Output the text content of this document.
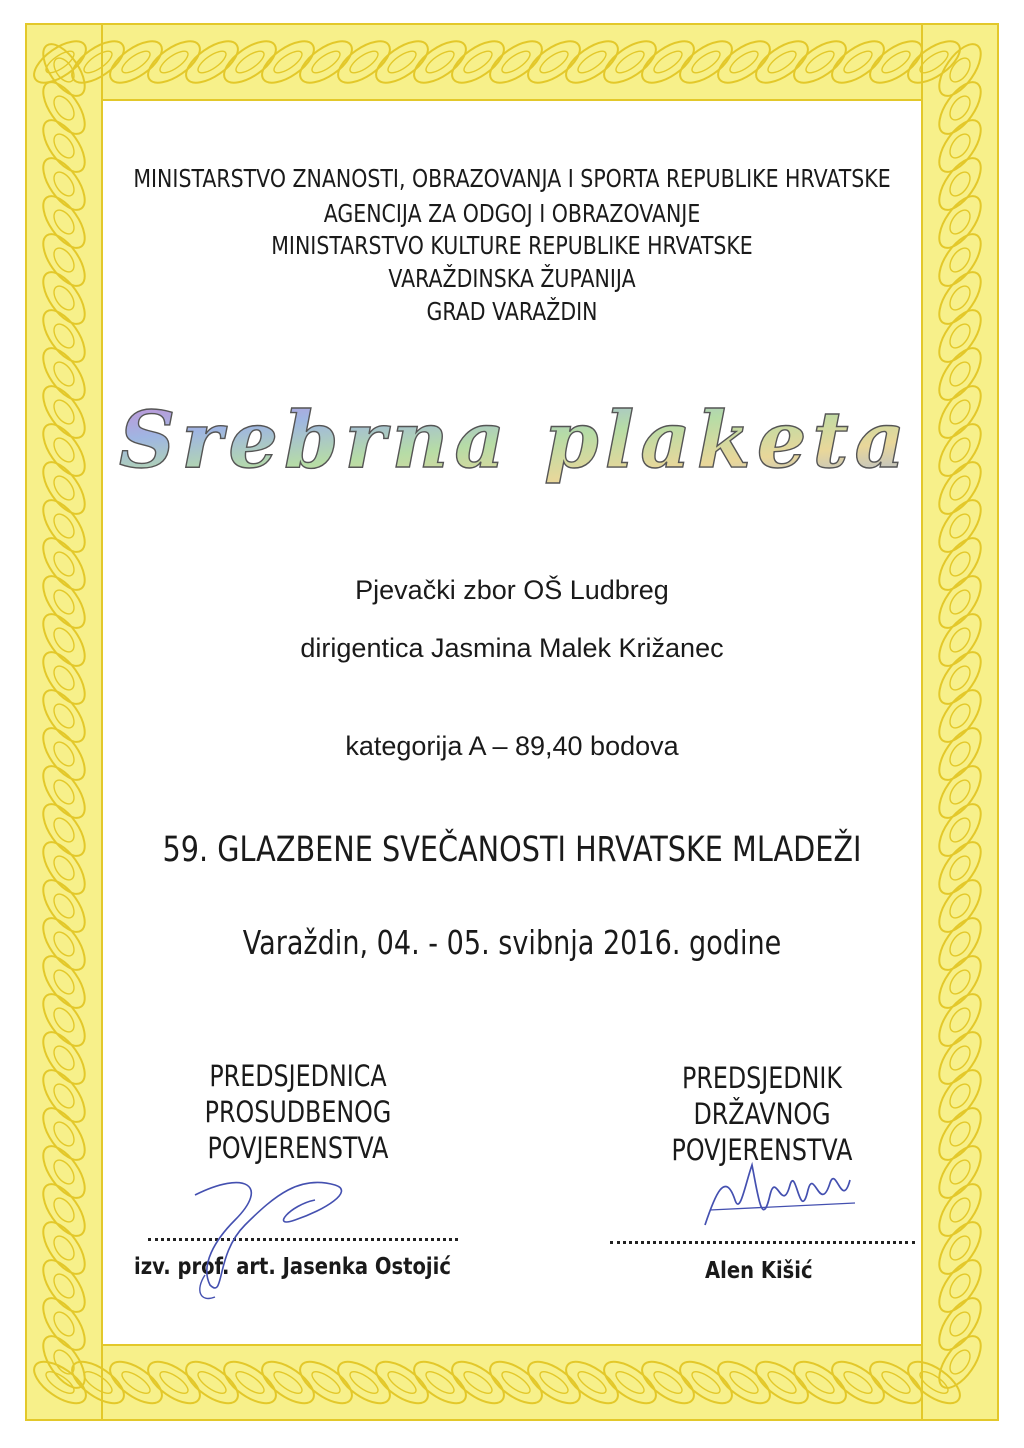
MINISTARSTVO ZNANOSTI, OBRAZOVANJA I SPORTA REPUBLIKE HRVATSKE
AGENCIJA ZA ODGOJ I OBRAZOVANJE
MINISTARSTVO KULTURE REPUBLIKE HRVATSKE
VARAŽDINSKA ŽUPANIJA
GRAD VARAŽDIN
Srebrna plaketa
Pjevački zbor OŠ Ludbreg
dirigentica Jasmina Malek Križanec
kategorija A – 89,40 bodova
59. GLAZBENE SVEČANOSTI HRVATSKE MLADEŽI
Varaždin, 04. - 05. svibnja 2016. godine
PREDSJEDNICA
PROSUDBENOG
POVJERENSTVA
izv. prof. art. Jasenka Ostojić
PREDSJEDNIK
DRŽAVNOG
POVJERENSTVA
Alen Kišić
